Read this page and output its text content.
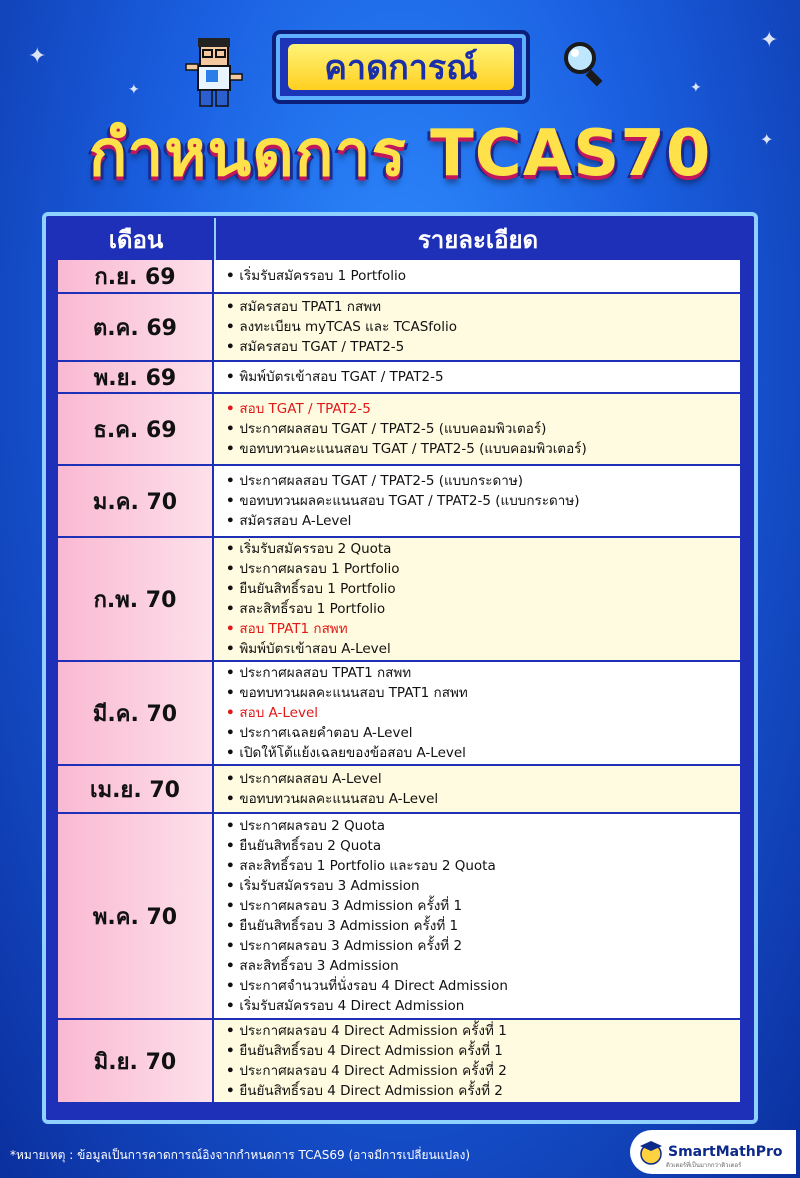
✦
✦
✦
✦
✦
คาดการณ์
กำหนดการ TCAS70
เดือน	รายละเอียด
ก.ย. 69	• เริ่มรับสมัครรอบ 1 Portfolio
ต.ค. 69
• สมัครสอบ TPAT1 กสพท
• ลงทะเบียน myTCAS และ TCASfolio
• สมัครสอบ TGAT / TPAT2-5
พ.ย. 69	• พิมพ์บัตรเข้าสอบ TGAT / TPAT2-5
ธ.ค. 69
• สอบ TGAT / TPAT2-5
• ประกาศผลสอบ TGAT / TPAT2-5 (แบบคอมพิวเตอร์)
• ขอทบทวนคะแนนสอบ TGAT / TPAT2-5 (แบบคอมพิวเตอร์)
ม.ค. 70
• ประกาศผลสอบ TGAT / TPAT2-5 (แบบกระดาษ)
• ขอทบทวนผลคะแนนสอบ TGAT / TPAT2-5 (แบบกระดาษ)
• สมัครสอบ A-Level
ก.พ. 70
• เริ่มรับสมัครรอบ 2 Quota
• ประกาศผลรอบ 1 Portfolio
• ยืนยันสิทธิ์รอบ 1 Portfolio
• สละสิทธิ์รอบ 1 Portfolio
• สอบ TPAT1 กสพท
• พิมพ์บัตรเข้าสอบ A-Level
มี.ค. 70
• ประกาศผลสอบ TPAT1 กสพท
• ขอทบทวนผลคะแนนสอบ TPAT1 กสพท
• สอบ A-Level
• ประกาศเฉลยคำตอบ A-Level
• เปิดให้โต้แย้งเฉลยของข้อสอบ A-Level
เม.ย. 70	• ประกาศผลสอบ A-Level
• ขอทบทวนผลคะแนนสอบ A-Level
พ.ค. 70
• ประกาศผลรอบ 2 Quota
• ยืนยันสิทธิ์รอบ 2 Quota
• สละสิทธิ์รอบ 1 Portfolio และรอบ 2 Quota
• เริ่มรับสมัครรอบ 3 Admission
• ประกาศผลรอบ 3 Admission ครั้งที่ 1
• ยืนยันสิทธิ์รอบ 3 Admission ครั้งที่ 1
• ประกาศผลรอบ 3 Admission ครั้งที่ 2
• สละสิทธิ์รอบ 3 Admission
• ประกาศจำนวนที่นั่งรอบ 4 Direct Admission
• เริ่มรับสมัครรอบ 4 Direct Admission
มิ.ย. 70
• ประกาศผลรอบ 4 Direct Admission ครั้งที่ 1
• ยืนยันสิทธิ์รอบ 4 Direct Admission ครั้งที่ 1
• ประกาศผลรอบ 4 Direct Admission ครั้งที่ 2
• ยืนยันสิทธิ์รอบ 4 Direct Admission ครั้งที่ 2
*หมายเหตุ : ข้อมูลเป็นการคาดการณ์อิงจากกำหนดการ TCAS69 (อาจมีการเปลี่ยนแปลง)	SmartMathPro
ติวเตอร์ที่เป็นมากกว่าติวเตอร์
